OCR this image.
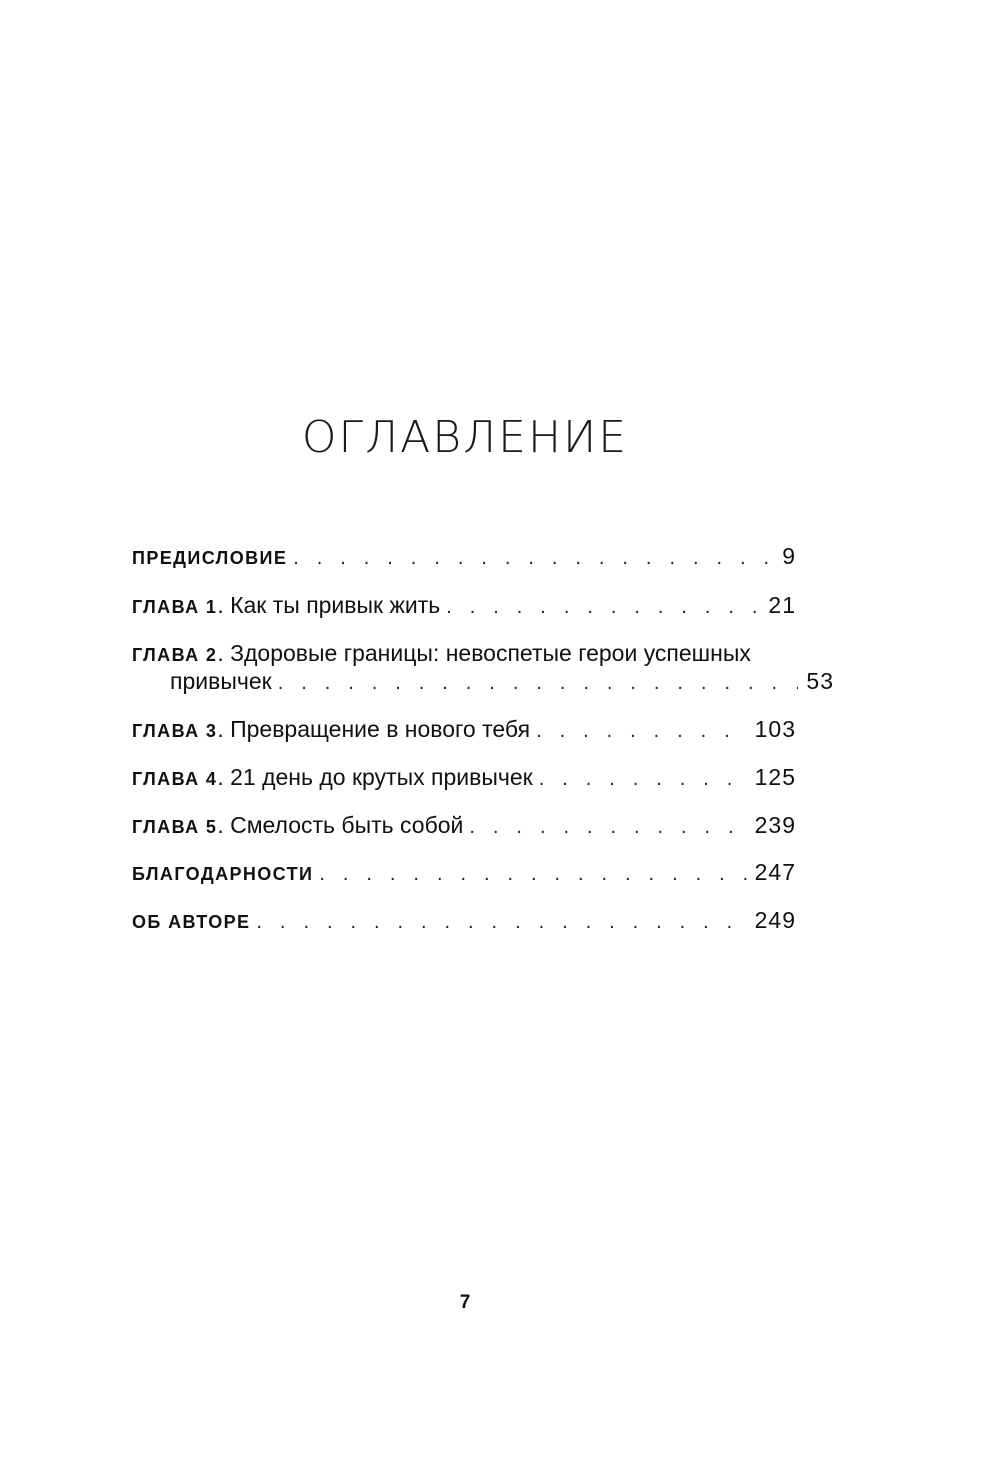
ОГЛАВЛЕНИЕ
ПРЕДИСЛОВИЕ . . .	9
ГЛАВА 1. Как ты привык жить . . .	21
ГЛАВА 2. Здоровые границы: невоспетые герои успешных
привычек . . .	53
ГЛАВА 3. Превращение в нового тебя . . .	103
ГЛАВА 4. 21 день до крутых привычек . . .	125
ГЛАВА 5. Смелость быть собой . . .	239
БЛАГОДАРНОСТИ . . .	247
ОБ АВТОРЕ . . .	249
7
